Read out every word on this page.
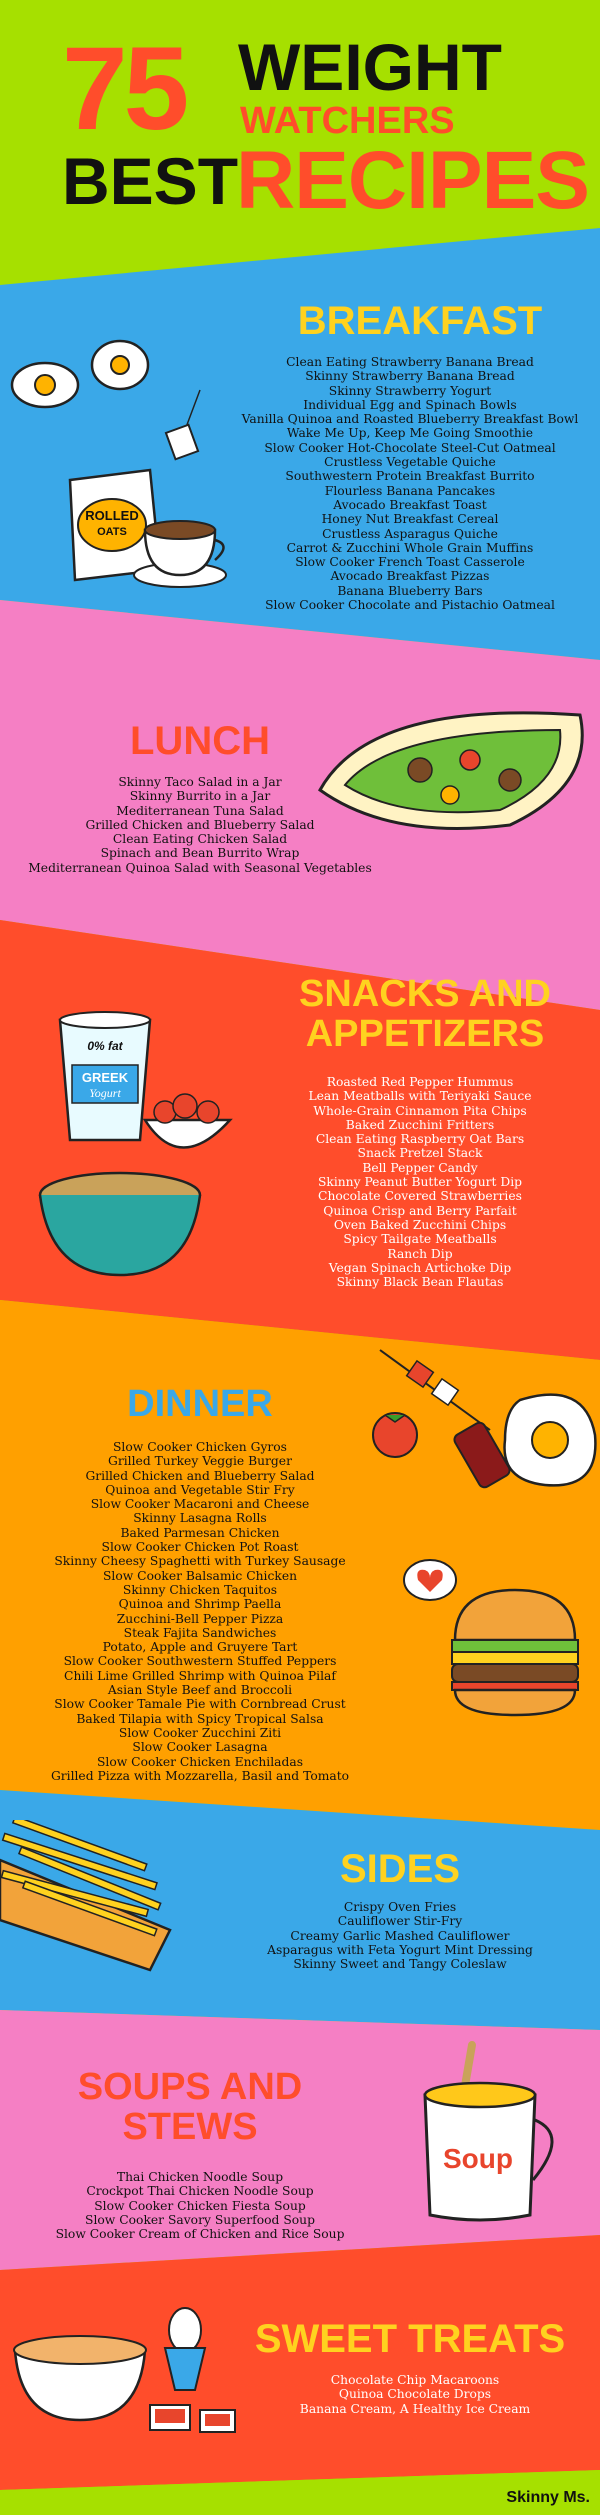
75 WEIGHT
WATCHERS
BEST
RECIPES
BREAKFAST
Clean Eating Strawberry Banana Bread
Skinny Strawberry Banana Bread
Skinny Strawberry Yogurt
Individual Egg and Spinach Bowls
Vanilla Quinoa and Roasted Blueberry Breakfast Bowl
Wake Me Up, Keep Me Going Smoothie
Slow Cooker Hot-Chocolate Steel-Cut Oatmeal
Crustless Vegetable Quiche
Southwestern Protein Breakfast Burrito
Flourless Banana Pancakes
Avocado Breakfast Toast
Honey Nut Breakfast Cereal
Crustless Asparagus Quiche
Carrot & Zucchini Whole Grain Muffins
Slow Cooker French Toast Casserole
Avocado Breakfast Pizzas
Banana Blueberry Bars
Slow Cooker Chocolate and Pistachio Oatmeal
ROLLED
OATS
LUNCH
Skinny Taco Salad in a Jar
Skinny Burrito in a Jar
Mediterranean Tuna Salad
Grilled Chicken and Blueberry Salad
Clean Eating Chicken Salad
Spinach and Bean Burrito Wrap
Mediterranean Quinoa Salad with Seasonal Vegetables
SNACKS AND
APPETIZERS
Roasted Red Pepper Hummus
Lean Meatballs with Teriyaki Sauce
Whole-Grain Cinnamon Pita Chips
Baked Zucchini Fritters
Clean Eating Raspberry Oat Bars
Snack Pretzel Stack
Bell Pepper Candy
Skinny Peanut Butter Yogurt Dip
Chocolate Covered Strawberries
Quinoa Crisp and Berry Parfait
Oven Baked Zucchini Chips
Spicy Tailgate Meatballs
Ranch Dip
Vegan Spinach Artichoke Dip
Skinny Black Bean Flautas
0% fat
GREEK
Yogurt
DINNER
Slow Cooker Chicken Gyros
Grilled Turkey Veggie Burger
Grilled Chicken and Blueberry Salad
Quinoa and Vegetable Stir Fry
Slow Cooker Macaroni and Cheese
Skinny Lasagna Rolls
Baked Parmesan Chicken
Slow Cooker Chicken Pot Roast
Skinny Cheesy Spaghetti with Turkey Sausage
Slow Cooker Balsamic Chicken
Skinny Chicken Taquitos
Quinoa and Shrimp Paella
Zucchini-Bell Pepper Pizza
Steak Fajita Sandwiches
Potato, Apple and Gruyere Tart
Slow Cooker Southwestern Stuffed Peppers
Chili Lime Grilled Shrimp with Quinoa Pilaf
Asian Style Beef and Broccoli
Slow Cooker Tamale Pie with Cornbread Crust
Baked Tilapia with Spicy Tropical Salsa
Slow Cooker Zucchini Ziti
Slow Cooker Lasagna
Slow Cooker Chicken Enchiladas
Grilled Pizza with Mozzarella, Basil and Tomato
SIDES
Crispy Oven Fries
Cauliflower Stir-Fry
Creamy Garlic Mashed Cauliflower
Asparagus with Feta Yogurt Mint Dressing
Skinny Sweet and Tangy Coleslaw
SOUPS AND
STEWS
Thai Chicken Noodle Soup
Crockpot Thai Chicken Noodle Soup
Slow Cooker Chicken Fiesta Soup
Slow Cooker Savory Superfood Soup
Slow Cooker Cream of Chicken and Rice Soup
Soup
SWEET TREATS
Chocolate Chip Macaroons
Quinoa Chocolate Drops
Banana Cream, A Healthy Ice Cream
Skinny Ms.
